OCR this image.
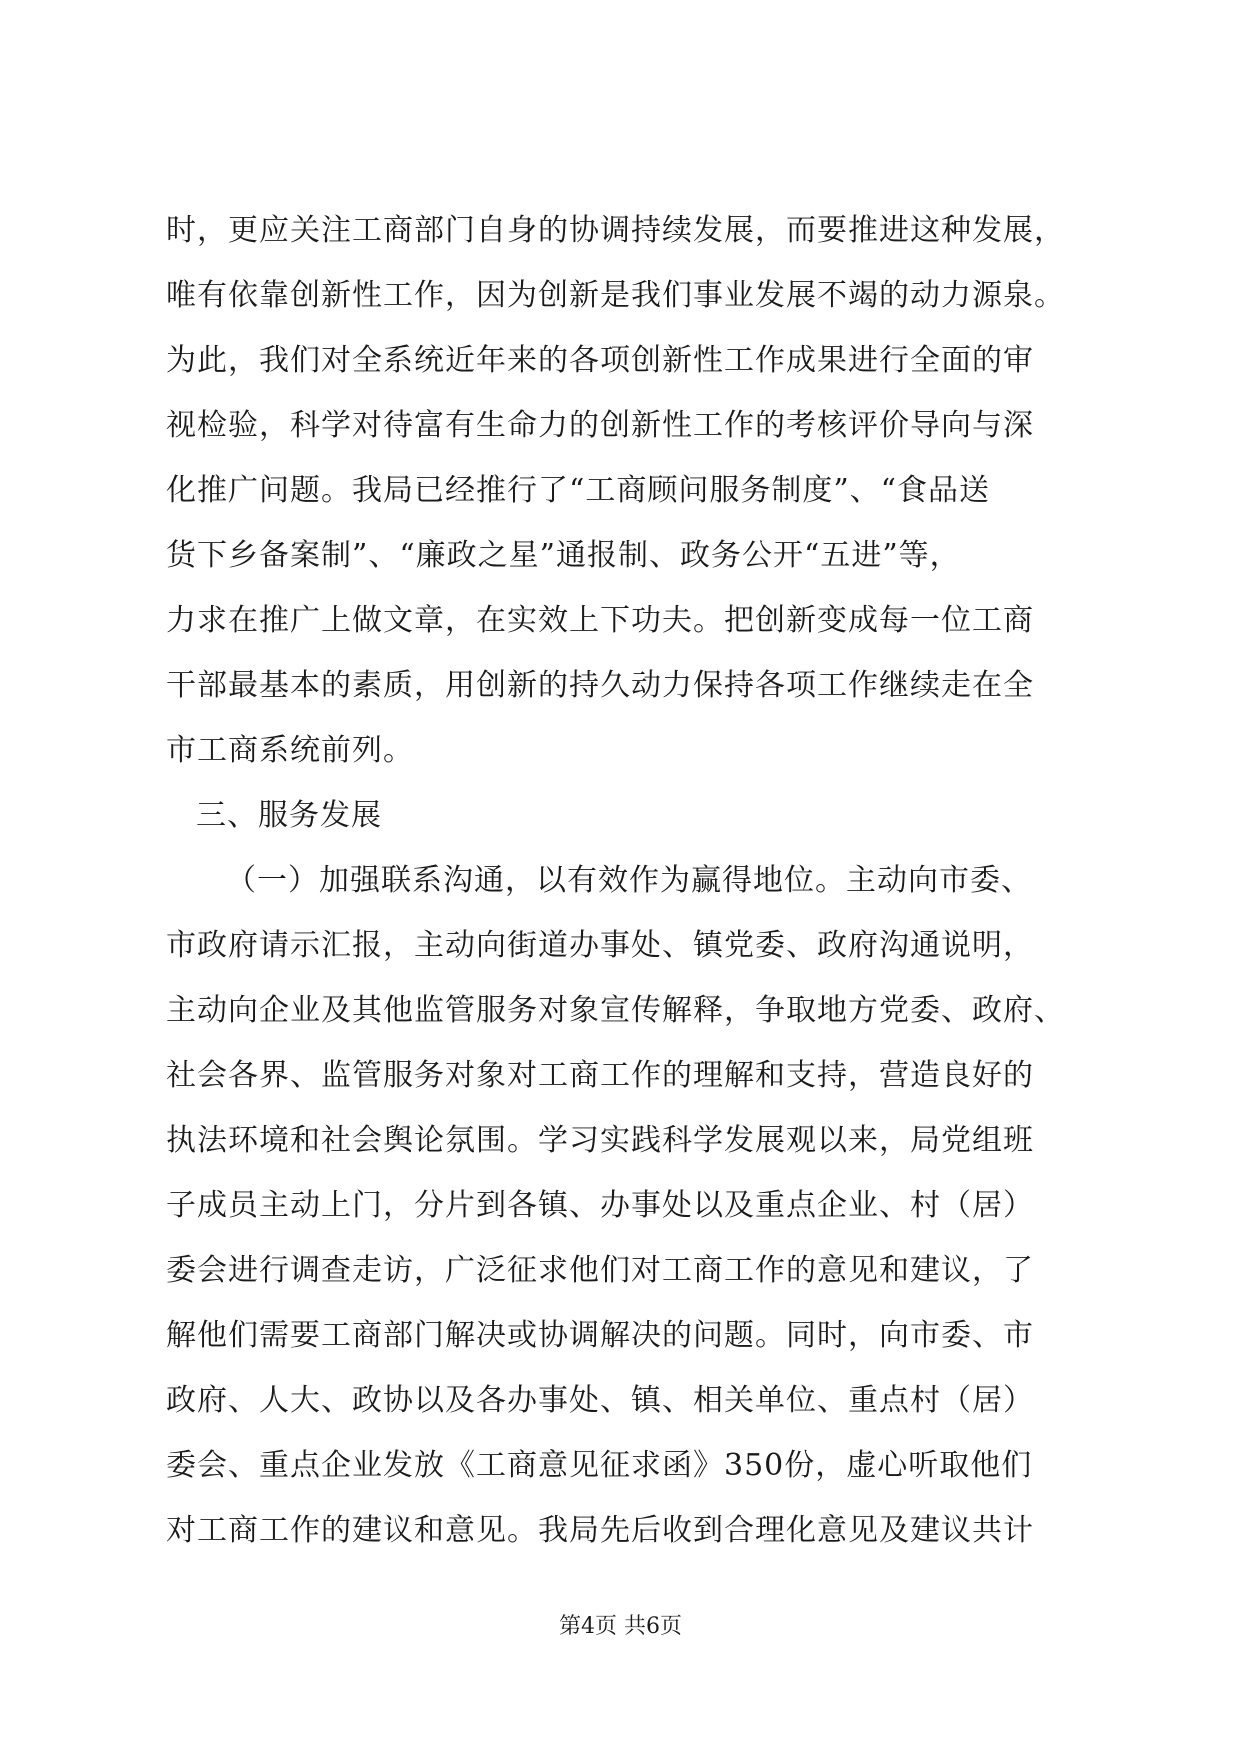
时，更应关注工商部门自身的协调持续发展，而要推进这种发展，
唯有依靠创新性工作，因为创新是我们事业发展不竭的动力源泉。
为此，我们对全系统近年来的各项创新性工作成果进行全面的审
视检验，科学对待富有生命力的创新性工作的考核评价导向与深
化推广问题。我局已经推行了“工商顾问服务制度”、“食品送
货下乡备案制”、“廉政之星”通报制、政务公开“五进”等，
力求在推广上做文章，在实效上下功夫。把创新变成每一位工商
干部最基本的素质，用创新的持久动力保持各项工作继续走在全
市工商系统前列。
三、服务发展
（一）加强联系沟通，以有效作为赢得地位。主动向市委、
市政府请示汇报，主动向街道办事处、镇党委、政府沟通说明，
主动向企业及其他监管服务对象宣传解释，争取地方党委、政府、
社会各界、监管服务对象对工商工作的理解和支持，营造良好的
执法环境和社会舆论氛围。学习实践科学发展观以来，局党组班
子成员主动上门，分片到各镇、办事处以及重点企业、村（居）
委会进行调查走访，广泛征求他们对工商工作的意见和建议，了
解他们需要工商部门解决或协调解决的问题。同时，向市委、市
政府、人大、政协以及各办事处、镇、相关单位、重点村（居）
委会、重点企业发放《工商意见征求函》350份，虚心听取他们
对工商工作的建议和意见。我局先后收到合理化意见及建议共计
第4页 共6页
